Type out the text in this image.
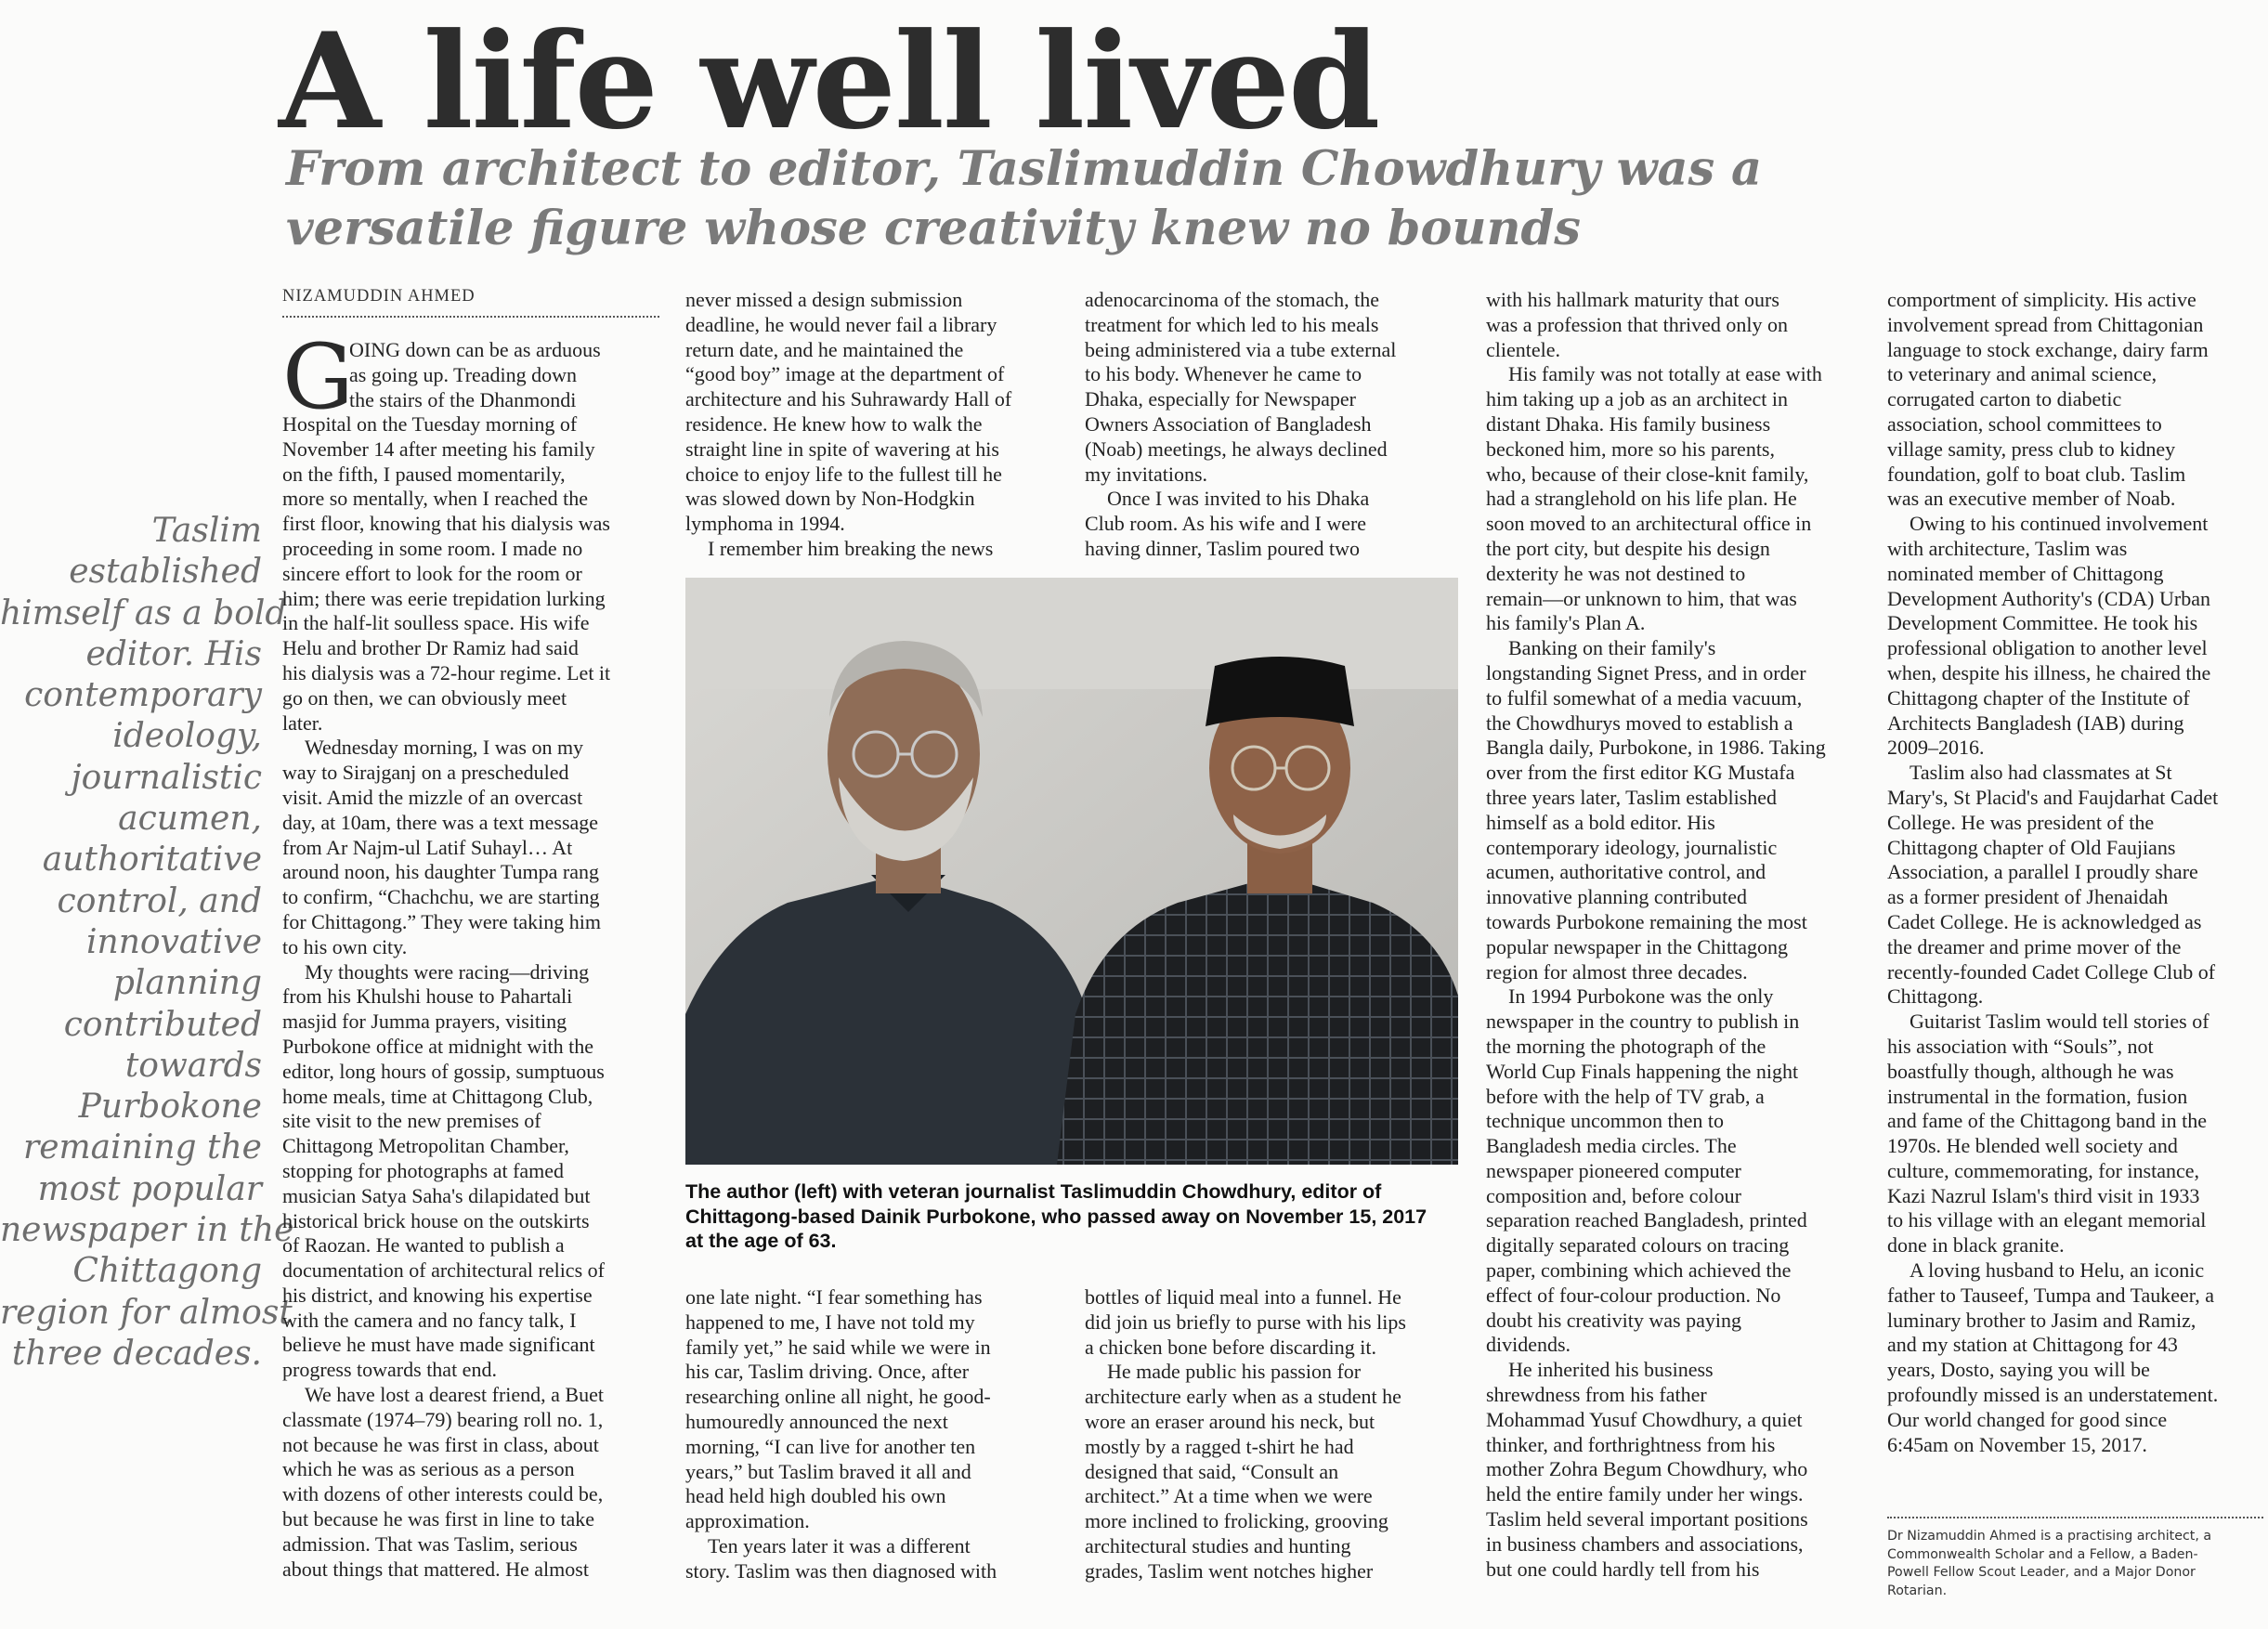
A life well lived
From architect to editor, Taslimuddin Chowdhury was a
versatile figure whose creativity knew no bounds
NIZAMUDDIN AHMED
Taslim
established
himself as a bold
editor. His
contemporary
ideology,
journalistic
acumen,
authoritative
control, and
innovative
planning
contributed
towards
Purbokone
remaining the
most popular
newspaper in the
Chittagong
region for almost
three decades.
G
OING down can be as arduous
as going up. Treading down
the stairs of the Dhanmondi
Hospital on the Tuesday morning of
November 14 after meeting his family
on the fifth, I paused momentarily,
more so mentally, when I reached the
first floor, knowing that his dialysis was
proceeding in some room. I made no
sincere effort to look for the room or
him; there was eerie trepidation lurking
in the half-lit soulless space. His wife
Helu and brother Dr Ramiz had said
his dialysis was a 72-hour regime. Let it
go on then, we can obviously meet
later.
Wednesday morning, I was on my
way to Sirajganj on a prescheduled
visit. Amid the mizzle of an overcast
day, at 10am, there was a text message
from Ar Najm-ul Latif Suhayl… At
around noon, his daughter Tumpa rang
to confirm, “Chachchu, we are starting
for Chittagong.” They were taking him
to his own city.
My thoughts were racing—driving
from his Khulshi house to Pahartali
masjid for Jumma prayers, visiting
Purbokone office at midnight with the
editor, long hours of gossip, sumptuous
home meals, time at Chittagong Club,
site visit to the new premises of
Chittagong Metropolitan Chamber,
stopping for photographs at famed
musician Satya Saha's dilapidated but
historical brick house on the outskirts
of Raozan. He wanted to publish a
documentation of architectural relics of
his district, and knowing his expertise
with the camera and no fancy talk, I
believe he must have made significant
progress towards that end.
We have lost a dearest friend, a Buet
classmate (1974–79) bearing roll no. 1,
not because he was first in class, about
which he was as serious as a person
with dozens of other interests could be,
but because he was first in line to take
admission. That was Taslim, serious
about things that mattered. He almost
never missed a design submission
deadline, he would never fail a library
return date, and he maintained the
“good boy” image at the department of
architecture and his Suhrawardy Hall of
residence. He knew how to walk the
straight line in spite of wavering at his
choice to enjoy life to the fullest till he
was slowed down by Non-Hodgkin
lymphoma in 1994.
I remember him breaking the news
adenocarcinoma of the stomach, the
treatment for which led to his meals
being administered via a tube external
to his body. Whenever he came to
Dhaka, especially for Newspaper
Owners Association of Bangladesh
(Noab) meetings, he always declined
my invitations.
Once I was invited to his Dhaka
Club room. As his wife and I were
having dinner, Taslim poured two
The author (left) with veteran journalist Taslimuddin Chowdhury, editor of
Chittagong-based Dainik Purbokone, who passed away on November 15, 2017
at the age of 63.
one late night. “I fear something has
happened to me, I have not told my
family yet,” he said while we were in
his car, Taslim driving. Once, after
researching online all night, he good-
humouredly announced the next
morning, “I can live for another ten
years,” but Taslim braved it all and
head held high doubled his own
approximation.
Ten years later it was a different
story. Taslim was then diagnosed with
bottles of liquid meal into a funnel. He
did join us briefly to purse with his lips
a chicken bone before discarding it.
He made public his passion for
architecture early when as a student he
wore an eraser around his neck, but
mostly by a ragged t-shirt he had
designed that said, “Consult an
architect.” At a time when we were
more inclined to frolicking, grooving
architectural studies and hunting
grades, Taslim went notches higher
with his hallmark maturity that ours
was a profession that thrived only on
clientele.
His family was not totally at ease with
him taking up a job as an architect in
distant Dhaka. His family business
beckoned him, more so his parents,
who, because of their close-knit family,
had a stranglehold on his life plan. He
soon moved to an architectural office in
the port city, but despite his design
dexterity he was not destined to
remain—or unknown to him, that was
his family's Plan A.
Banking on their family's
longstanding Signet Press, and in order
to fulfil somewhat of a media vacuum,
the Chowdhurys moved to establish a
Bangla daily, Purbokone, in 1986. Taking
over from the first editor KG Mustafa
three years later, Taslim established
himself as a bold editor. His
contemporary ideology, journalistic
acumen, authoritative control, and
innovative planning contributed
towards Purbokone remaining the most
popular newspaper in the Chittagong
region for almost three decades.
In 1994 Purbokone was the only
newspaper in the country to publish in
the morning the photograph of the
World Cup Finals happening the night
before with the help of TV grab, a
technique uncommon then to
Bangladesh media circles. The
newspaper pioneered computer
composition and, before colour
separation reached Bangladesh, printed
digitally separated colours on tracing
paper, combining which achieved the
effect of four-colour production. No
doubt his creativity was paying
dividends.
He inherited his business
shrewdness from his father
Mohammad Yusuf Chowdhury, a quiet
thinker, and forthrightness from his
mother Zohra Begum Chowdhury, who
held the entire family under her wings.
Taslim held several important positions
in business chambers and associations,
but one could hardly tell from his
comportment of simplicity. His active
involvement spread from Chittagonian
language to stock exchange, dairy farm
to veterinary and animal science,
corrugated carton to diabetic
association, school committees to
village samity, press club to kidney
foundation, golf to boat club. Taslim
was an executive member of Noab.
Owing to his continued involvement
with architecture, Taslim was
nominated member of Chittagong
Development Authority's (CDA) Urban
Development Committee. He took his
professional obligation to another level
when, despite his illness, he chaired the
Chittagong chapter of the Institute of
Architects Bangladesh (IAB) during
2009–2016.
Taslim also had classmates at St
Mary's, St Placid's and Faujdarhat Cadet
College. He was president of the
Chittagong chapter of Old Faujians
Association, a parallel I proudly share
as a former president of Jhenaidah
Cadet College. He is acknowledged as
the dreamer and prime mover of the
recently-founded Cadet College Club of
Chittagong.
Guitarist Taslim would tell stories of
his association with “Souls”, not
boastfully though, although he was
instrumental in the formation, fusion
and fame of the Chittagong band in the
1970s. He blended well society and
culture, commemorating, for instance,
Kazi Nazrul Islam's third visit in 1933
to his village with an elegant memorial
done in black granite.
A loving husband to Helu, an iconic
father to Tauseef, Tumpa and Taukeer, a
luminary brother to Jasim and Ramiz,
and my station at Chittagong for 43
years, Dosto, saying you will be
profoundly missed is an understatement.
Our world changed for good since
6:45am on November 15, 2017.
Dr Nizamuddin Ahmed is a practising architect, a
Commonwealth Scholar and a Fellow, a Baden-
Powell Fellow Scout Leader, and a Major Donor
Rotarian.
